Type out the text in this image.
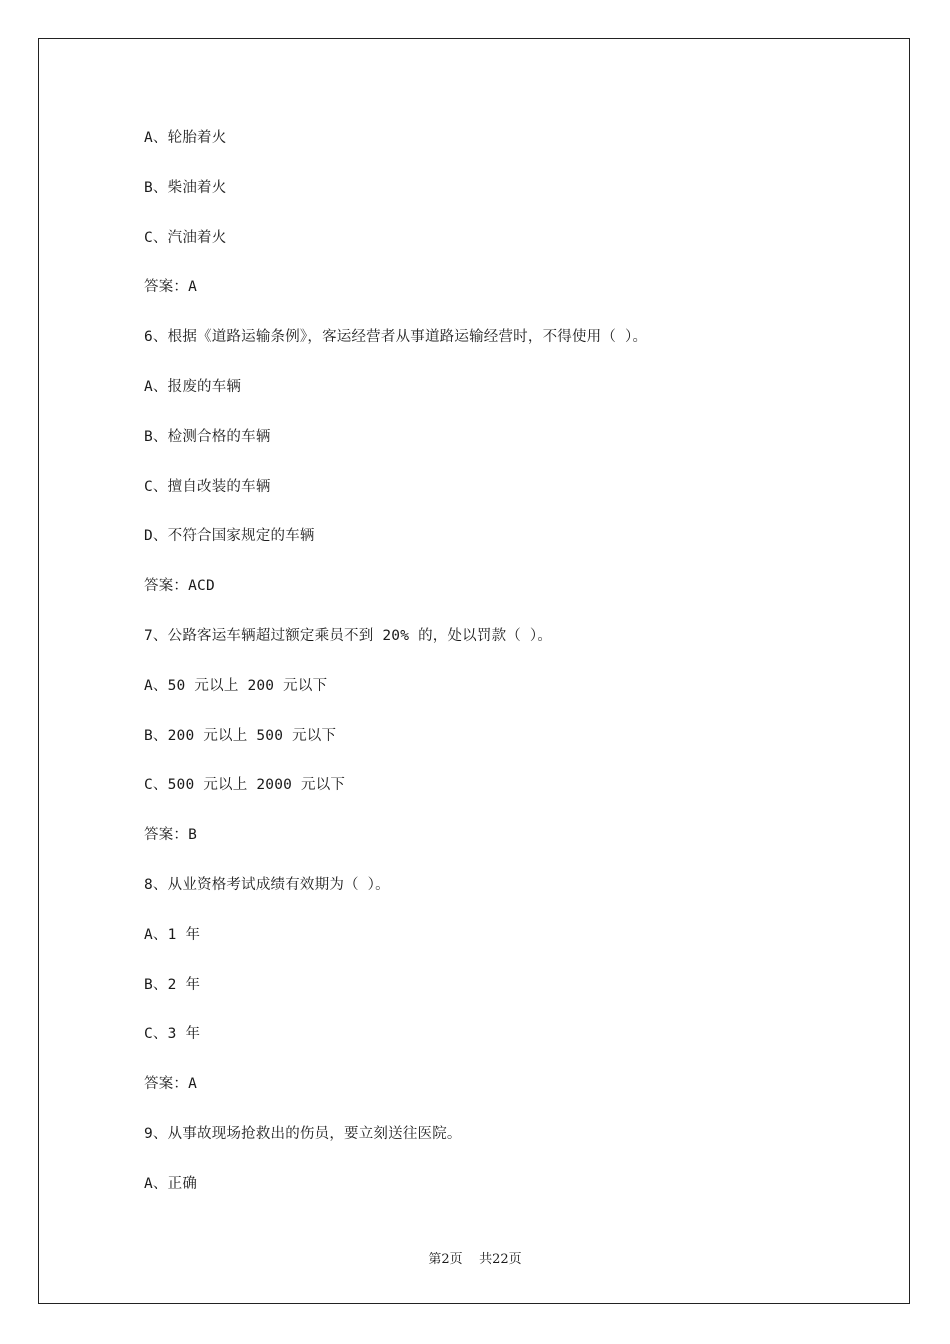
A、轮胎着火
B、柴油着火
C、汽油着火
答案：A
6、根据《道路运输条例》，客运经营者从事道路运输经营时，不得使用（ ）。
A、报废的车辆
B、检测合格的车辆
C、擅自改装的车辆
D、不符合国家规定的车辆
答案：ACD
7、公路客运车辆超过额定乘员不到 20% 的，处以罚款（ ）。
A、50 元以上 200 元以下
B、200 元以上 500 元以下
C、500 元以上 2000 元以下
答案：B
8、从业资格考试成绩有效期为（ ）。
A、1 年
B、2 年
C、3 年
答案：A
9、从事故现场抢救出的伤员，要立刻送往医院。
A、正确
第2页 共22页
